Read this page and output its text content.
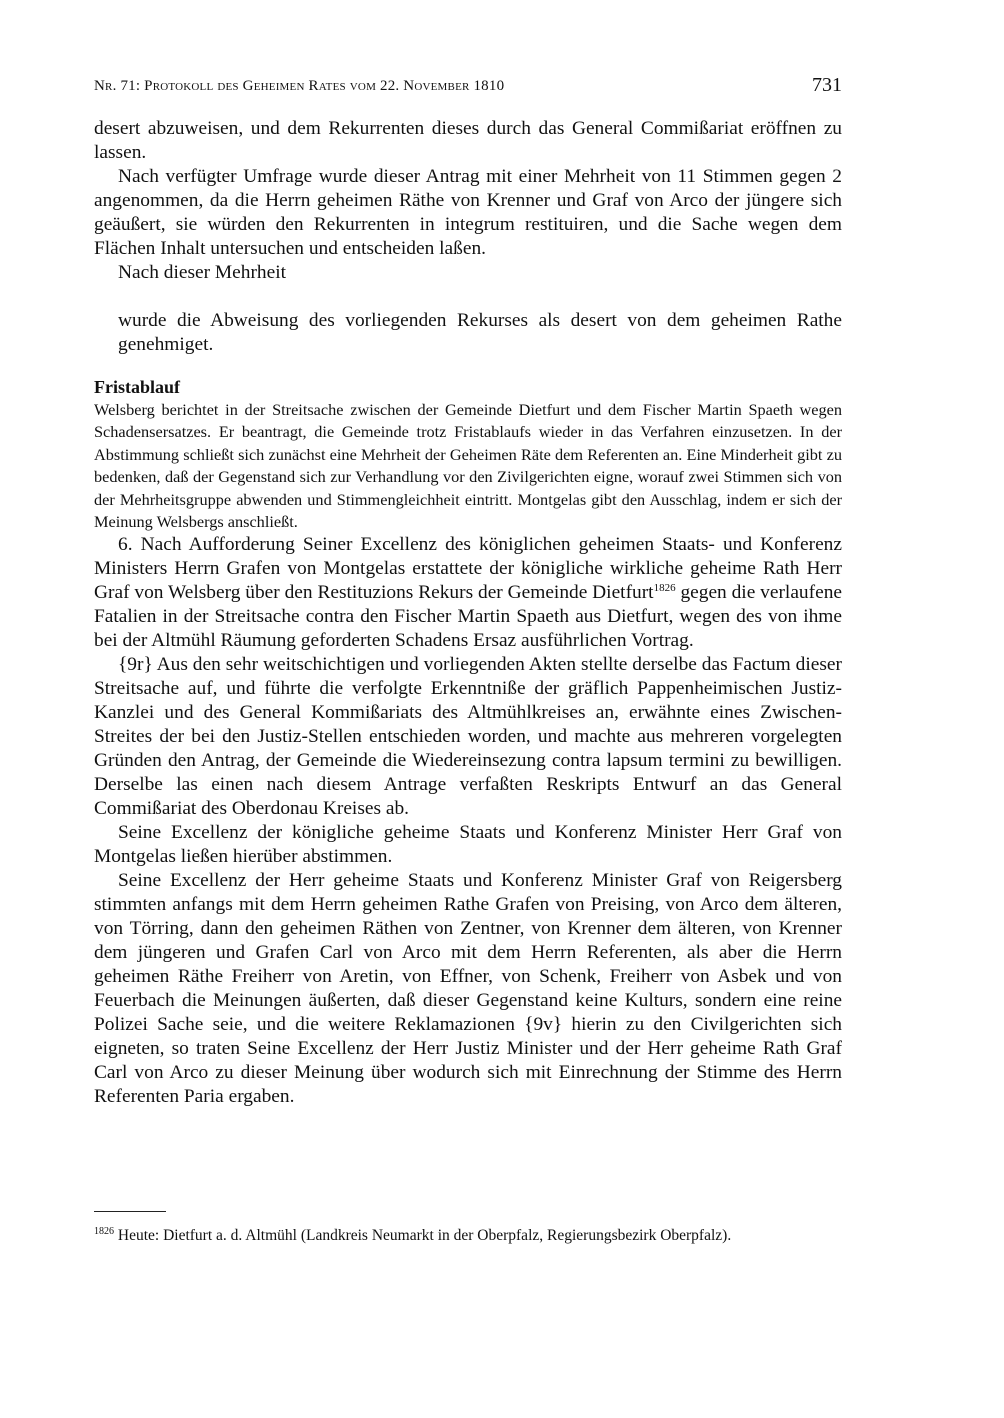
Nr. 71: Protokoll des Geheimen Rates vom 22. November 1810	731

desert abzuweisen, und dem Rekurrenten dieses durch das General Commißariat eröffnen zu lassen.

Nach verfügter Umfrage wurde dieser Antrag mit einer Mehrheit von 11 Stimmen gegen 2 angenommen, da die Herrn geheimen Räthe von Krenner und Graf von Arco der jüngere sich geäußert, sie würden den Rekurrenten in integrum restituiren, und die Sache wegen dem Flächen Inhalt untersuchen und entscheiden laßen.

Nach dieser Mehrheit

wurde die Abweisung des vorliegenden Rekurses als desert von dem geheimen Rathe genehmiget.

Fristablauf

Welsberg berichtet in der Streitsache zwischen der Gemeinde Dietfurt und dem Fischer Martin Spaeth wegen Schadensersatzes. Er beantragt, die Gemeinde trotz Fristablaufs wieder in das Verfahren einzusetzen. In der Abstimmung schließt sich zunächst eine Mehrheit der Geheimen Räte dem Referenten an. Eine Minderheit gibt zu bedenken, daß der Gegenstand sich zur Verhandlung vor den Zivilgerichten eigne, worauf zwei Stimmen sich von der Mehrheitsgruppe abwenden und Stimmengleichheit eintritt. Montgelas gibt den Ausschlag, indem er sich der Meinung Welsbergs anschließt.

6. Nach Aufforderung Seiner Excellenz des königlichen geheimen Staats- und Konferenz Ministers Herrn Grafen von Montgelas erstattete der königliche wirkliche geheime Rath Herr Graf von Welsberg über den Restituzions Rekurs der Gemeinde Dietfurt$^{1826}$ gegen die verlaufene Fatalien in der Streitsache contra den Fischer Martin Spaeth aus Dietfurt, wegen des von ihme bei der Altmühl Räumung geforderten Schadens Ersaz ausführlichen Vortrag.

{9r} Aus den sehr weitschichtigen und vorliegenden Akten stellte derselbe das Factum dieser Streitsache auf, und führte die verfolgte Erkenntniße der gräflich Pappenheimischen Justiz-Kanzlei und des General Kommißariats des Altmühlkreises an, erwähnte eines Zwischen-Streites der bei den Justiz-Stellen entschieden worden, und machte aus mehreren vorgelegten Gründen den Antrag, der Gemeinde die Wiedereinsezung contra lapsum termini zu bewilligen. Derselbe las einen nach diesem Antrage verfaßten Reskripts Entwurf an das General Commißariat des Oberdonau Kreises ab.

Seine Excellenz der königliche geheime Staats und Konferenz Minister Herr Graf von Montgelas ließen hierüber abstimmen.

Seine Excellenz der Herr geheime Staats und Konferenz Minister Graf von Reigersberg stimmten anfangs mit dem Herrn geheimen Rathe Grafen von Preising, von Arco dem älteren, von Törring, dann den geheimen Räthen von Zentner, von Krenner dem älteren, von Krenner dem jüngeren und Grafen Carl von Arco mit dem Herrn Referenten, als aber die Herrn geheimen Räthe Freiherr von Aretin, von Effner, von Schenk, Freiherr von Asbek und von Feuerbach die Meinungen äußerten, daß dieser Gegenstand keine Kulturs, sondern eine reine Polizei Sache seie, und die weitere Reklamazionen {9v} hierin zu den Civilgerichten sich eigneten, so traten Seine Excellenz der Herr Justiz Minister und der Herr geheime Rath Graf Carl von Arco zu dieser Meinung über wodurch sich mit Einrechnung der Stimme des Herrn Referenten Paria ergaben.

$^{1826}$ Heute: Dietfurt a. d. Altmühl (Landkreis Neumarkt in der Oberpfalz, Regierungsbezirk Oberpfalz).
